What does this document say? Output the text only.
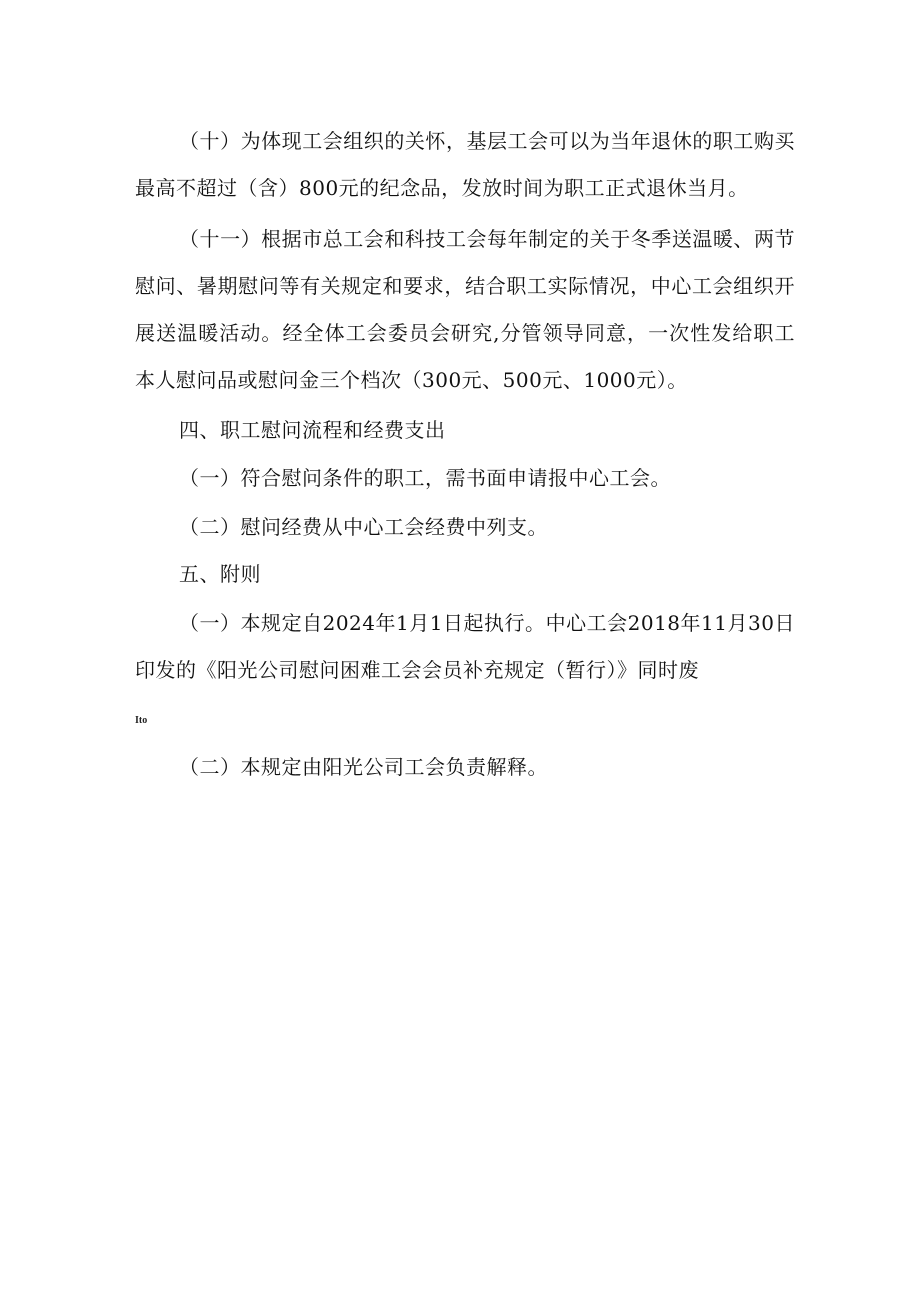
（十）为体现工会组织的关怀，基层工会可以为当年退休的职工购买最高不超过（含）800元的纪念品，发放时间为职工正式退休当月。

（十一）根据市总工会和科技工会每年制定的关于冬季送温暖、两节慰问、暑期慰问等有关规定和要求，结合职工实际情况，中心工会组织开展送温暖活动。经全体工会委员会研究,分管领导同意，一次性发给职工本人慰问品或慰问金三个档次（300元、500元、1000元）。

四、职工慰问流程和经费支出

（一）符合慰问条件的职工，需书面申请报中心工会。

（二）慰问经费从中心工会经费中列支。

五、附则

（一）本规定自2024年1月1日起执行。中心工会2018年11月30日印发的《阳光公司慰问困难工会会员补充规定（暂行）》同时废

Ito

（二）本规定由阳光公司工会负责解释。
